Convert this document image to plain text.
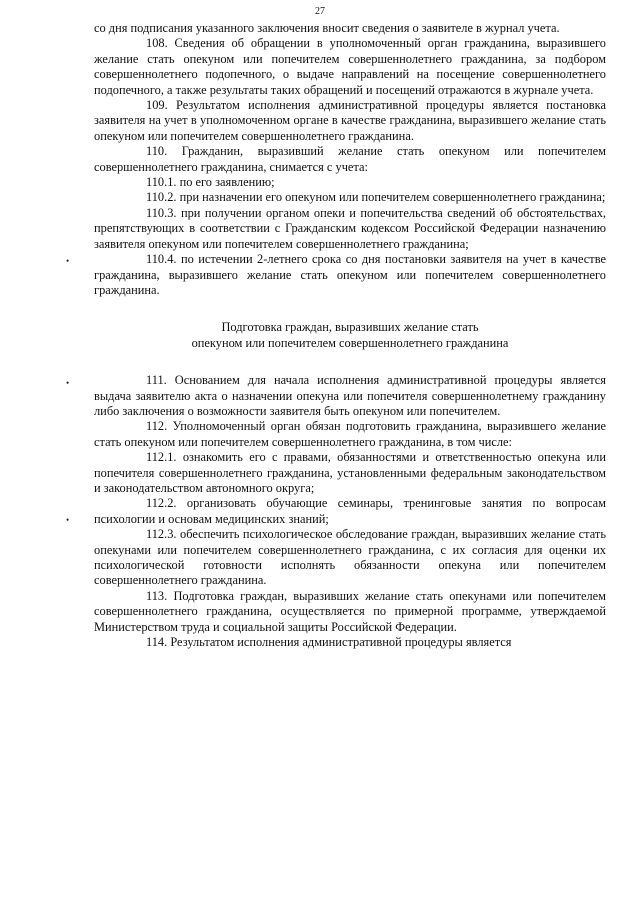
27
•
•
•

со дня подписания указанного заключения вносит сведения о заявителе в журнал учета.

108. Сведения об обращении в уполномоченный орган гражданина, выразившего желание стать опекуном или попечителем совершеннолетнего гражданина, за подбором совершеннолетнего подопечного, о выдаче направлений на посещение совершеннолетнего подопечного, а также результаты таких обращений и посещений отражаются в журнале учета.

109. Результатом исполнения административной процедуры является постановка заявителя на учет в уполномоченном органе в качестве гражданина, выразившего желание стать опекуном или попечителем совершеннолетнего гражданина.

110. Гражданин, выразивший желание стать опекуном или попечителем совершеннолетнего гражданина, снимается с учета:

110.1. по его заявлению;

110.2. при назначении его опекуном или попечителем совершеннолетнего гражданина;

110.3. при получении органом опеки и попечительства сведений об обстоятельствах, препятствующих в соответствии с Гражданским кодексом Российской Федерации назначению заявителя опекуном или попечителем совершеннолетнего гражданина;

110.4. по истечении 2-летнего срока со дня постановки заявителя на учет в качестве гражданина, выразившего желание стать опекуном или попечителем совершеннолетнего гражданина.

Подготовка граждан, выразивших желание стать
опекуном или попечителем совершеннолетнего гражданина

111. Основанием для начала исполнения административной процедуры является выдача заявителю акта о назначении опекуна или попечителя совершеннолетнему гражданину либо заключения о возможности заявителя быть опекуном или попечителем.

112. Уполномоченный орган обязан подготовить гражданина, выразившего желание стать опекуном или попечителем совершеннолетнего гражданина, в том числе:

112.1. ознакомить его с правами, обязанностями и ответственностью опекуна или попечителя совершеннолетнего гражданина, установленными федеральным законодательством и законодательством автономного округа;

112.2. организовать обучающие семинары, тренинговые занятия по вопросам психологии и основам медицинских знаний;

112.3. обеспечить психологическое обследование граждан, выразивших желание стать опекунами или попечителем совершеннолетнего гражданина, с их согласия для оценки их психологической готовности исполнять обязанности опекуна или попечителем совершеннолетнего гражданина.

113. Подготовка граждан, выразивших желание стать опекунами или попечителем совершеннолетнего гражданина, осуществляется по примерной программе, утверждаемой Министерством труда и социальной защиты Российской Федерации.

114. Результатом исполнения административной процедуры является
